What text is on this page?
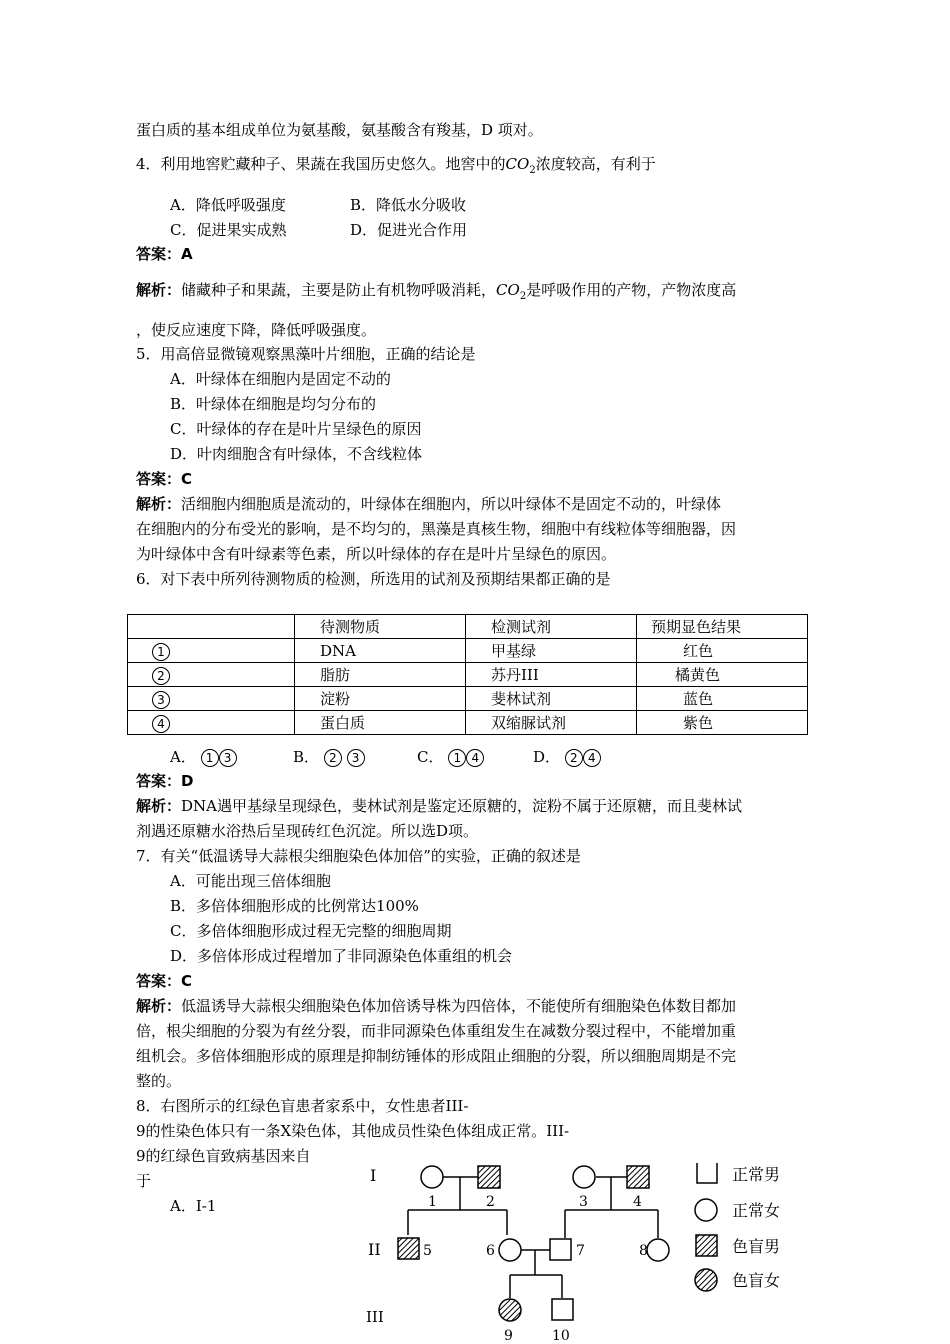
蛋白质的基本组成单位为氨基酸，氨基酸含有羧基，D 项对。
4．利用地窖贮藏种子、果蔬在我国历史悠久。地窖中的$CO_2$浓度较高，有利于
A．降低呼吸强度	B．降低水分吸收
C．促进果实成熟	D．促进光合作用
答案：A
解析：储藏种子和果蔬，主要是防止有机物呼吸消耗，$CO_2$是呼吸作用的产物，产物浓度高
，使反应速度下降，降低呼吸强度。
5．用高倍显微镜观察黑藻叶片细胞，正确的结论是
A．叶绿体在细胞内是固定不动的
B．叶绿体在细胞是均匀分布的
C．叶绿体的存在是叶片呈绿色的原因
D．叶肉细胞含有叶绿体，不含线粒体
答案：C
解析：活细胞内细胞质是流动的，叶绿体在细胞内，所以叶绿体不是固定不动的，叶绿体
在细胞内的分布受光的影响，是不均匀的，黑藻是真核生物，细胞中有线粒体等细胞器，因
为叶绿体中含有叶绿素等色素，所以叶绿体的存在是叶片呈绿色的原因。
6．对下表中所列待测物质的检测，所选用的试剂及预期结果都正确的是
	待测物质	检测试剂	预期显色结果
1	DNA	甲基绿	红色
2	脂肪	苏丹III	橘黄色
3	淀粉	斐林试剂	蓝色
4	蛋白质	双缩脲试剂	紫色
A． 1 3	B． 2 3	C． 1 4	D． 2 4
答案：D
解析：DNA遇甲基绿呈现绿色，斐林试剂是鉴定还原糖的，淀粉不属于还原糖，而且斐林试
剂遇还原糖水浴热后呈现砖红色沉淀。所以选D项。
7．有关“低温诱导大蒜根尖细胞染色体加倍”的实验，正确的叙述是
A．可能出现三倍体细胞
B．多倍体细胞形成的比例常达100%
C．多倍体细胞形成过程无完整的细胞周期
D．多倍体形成过程增加了非同源染色体重组的机会
答案：C
解析：低温诱导大蒜根尖细胞染色体加倍诱导株为四倍体，不能使所有细胞染色体数目都加
倍，根尖细胞的分裂为有丝分裂，而非同源染色体重组发生在减数分裂过程中，不能增加重
组机会。多倍体细胞形成的原理是抑制纺锤体的形成阻止细胞的分裂，所以细胞周期是不完
整的。
8．右图所示的红绿色盲患者家系中，女性患者III-
9的性染色体只有一条X染色体，其他成员性染色体组成正常。III-
9的红绿色盲致病基因来自
于
A．I-1
I
II
III
1	2	3	4
5	6	7	8
9	10
正常男
正常女
色盲男
色盲女
